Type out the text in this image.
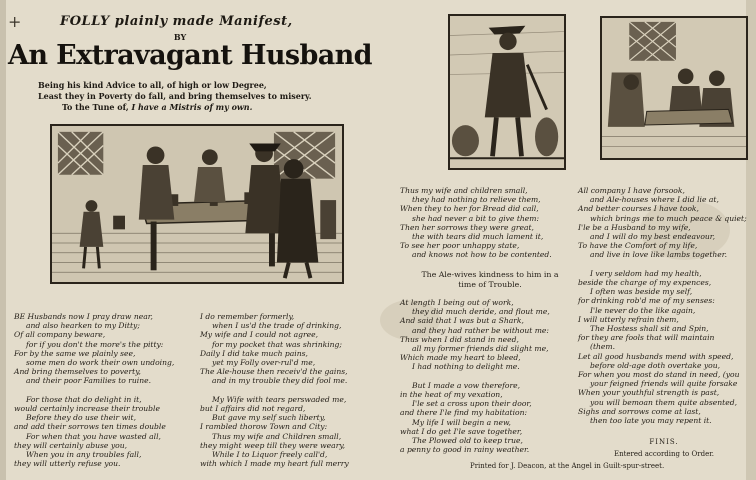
+	FOLLY plainly made Manifest,
BY
An Extravagant Husband
Being his kind Advice to all, of high or low Degree,
Least they in Poverty do fall, and bring themselves to misery.
To the Tune of, I have a Mistris of my own.
BE Husbands now I pray draw near,
and also hearken to my Ditty;
Of all company beware,
for if you don't the more's the pitty:
For by the same we plainly see,
some men do work their own undoing,
And bring themselves to poverty,
and their poor Families to ruine.

For those that do delight in it,
would certainly increase their trouble
Before they do use their wit,
and add their sorrows ten times double
For when that you have wasted all,
they will certainly abuse you,
When you in any troubles fall,
they will utterly refuse you.
I do remember formerly,
when I us'd the trade of drinking,
My wife and I could not agree,
for my pocket that was shrinking;
Daily I did take much pains,
yet my Folly over-rul'd me,
The Ale-house then receiv'd the gains,
and in my trouble they did fool me.

My Wife with tears perswaded me,
but I affairs did not regard,
But gave my self such liberty,
I rambled thorow Town and City:
Thus my wife and Children small,
they might weep till they were weary,
While I to Liquor freely call'd,
with which I made my heart full merry
Thus my wife and children small,
they had nothing to relieve them,
When they to her for Bread did call,
she had never a bit to give them:
Then her sorrows they were great,
the with tears did much lament it,
To see her poor unhappy state,
and knows not how to be contented.
The Ale-wives kindness to him in a
time of Trouble.
At length I being out of work,
they did much deride, and flout me,
And said that I was but a Shark,
and they had rather be without me:
Thus when I did stand in need,
all my former friends did slight me,
Which made my heart to bleed,
I had nothing to delight me.

But I made a vow therefore,
in the heat of my vexation,
I'le set a cross upon their door,
and there I'le find my habitation:
My life I will begin a new,
what I do get I'le save together,
The Plowed old to keep true,
a penny to good in rainy weather.
All company I have forsook,
and Ale-houses where I did lie at,
And better courses I have took,
which brings me to much peace & quiet;
I'le be a Husband to my wife,
and I will do my best endeavour,
To have the Comfort of my life,
and live in love like lambs together.

I very seldom had my health,
beside the charge of my expences,
I often was beside my self,
for drinking rob'd me of my senses:
I'le never do the like again,
I will utterly refrain them,
The Hostess shall sit and Spin,
for they are fools that will maintain
(them.
Let all good husbands mend with speed,
before old-age doth overtake you,
For when you most do stand in need, (you
your feigned friends will quite forsake
When your youthful strength is past,
you will bemoan them quite absented,
Sighs and sorrows come at last,
then too late you may repent it.
FINIS.
Entered according to Order.
Printed for J. Deacon, at the Angel in Guilt-spur-street.
